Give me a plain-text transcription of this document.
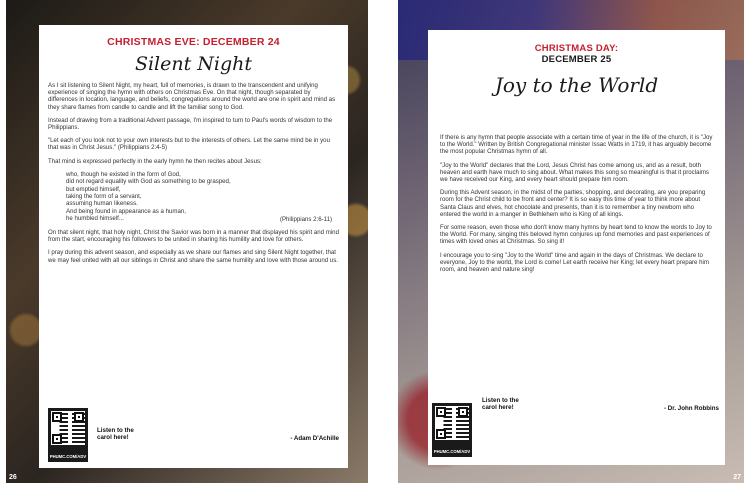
CHRISTMAS EVE: DECEMBER 24
Silent Night

As I sit listening to Silent Night, my heart, full of memories, is drawn to the transcendent and unifying experience of singing the hymn with others on Christmas Eve. On that night, though separated by differences in location, language, and beliefs, congregations around the world are one in spirit and mind as they share flames from candle to candle and lift the familiar song to God.

Instead of drawing from a traditional Advent passage, I'm inspired to turn to Paul's words of wisdom to the Philippians.

"Let each of you look not to your own interests but to the interests of others. Let the same mind be in you that was in Christ Jesus." (Philippians 2:4-5)

That mind is expressed perfectly in the early hymn he then recites about Jesus:

who, though he existed in the form of God,
did not regard equality with God as something to be grasped,
but emptied himself,
taking the form of a servant,
assuming human likeness.
And being found in appearance as a human,
he humbled himself...	(Philippians 2:6-11)

On that silent night, that holy night, Christ the Savior was born in a manner that displayed his spirit and mind from the start, encouraging his followers to be united in sharing his humility and love for others.

I pray during this advent season, and especially as we share our flames and sing Silent Night together, that we may feel united with all our siblings in Christ and share the same humility and love with those around us.

PHUMC.COM/ADV
Listen to the
carol here!	- Adam D'Achille
26
CHRISTMAS DAY:
DECEMBER 25
Joy to the World

If there is any hymn that people associate with a certain time of year in the life of the church, it is "Joy to the World." Written by British Congregational minister Issac Watts in 1719, it has arguably become the most popular Christmas hymn of all.

"Joy to the World" declares that the Lord, Jesus Christ has come among us, and as a result, both heaven and earth have much to sing about. What makes this song so meaningful is that it proclaims we have received our King, and every heart should prepare him room.

During this Advent season, in the midst of the parties, shopping, and decorating, are you preparing room for the Christ child to be front and center? It is so easy this time of year to think more about Santa Claus and elves, hot chocolate and presents, than it is to remember a tiny newborn who entered the world in a manger in Bethlehem who is King of all kings.

For some reason, even those who don't know many hymns by heart tend to know the words to Joy to the World. For many, singing this beloved hymn conjures up fond memories and past experiences of times with loved ones at Christmas. So sing it!

I encourage you to sing "Joy to the World" time and again in the days of Christmas. We declare to everyone, Joy to the world, the Lord is come! Let earth receive her King; let every heart prepare him room, and heaven and nature sing!

PHUMC.COM/ADV
Listen to the
carol here!	- Dr. John Robbins
27
